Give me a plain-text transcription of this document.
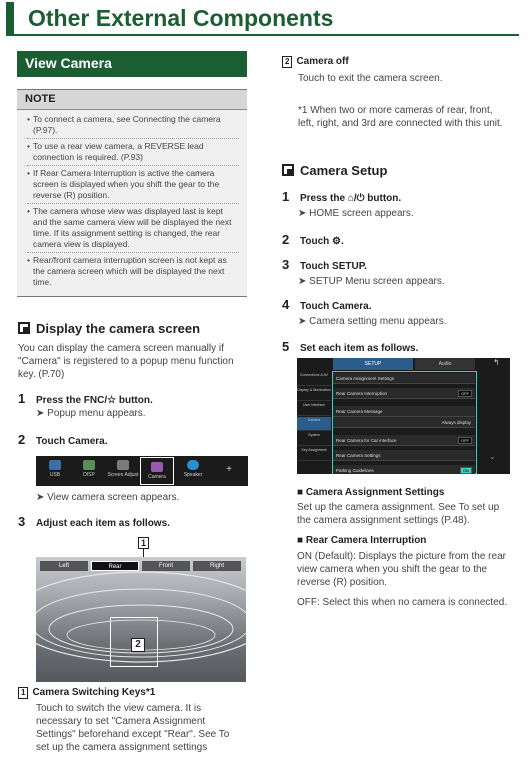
Other External Components
View Camera
NOTE
• To connect a camera, see Connecting the camera (P.97).
• To use a rear view camera, a REVERSE lead connection is required. (P.93)
• If Rear Camera Interruption is active the camera screen is displayed when you shift the gear to the reverse (R) position.
• The camera whose view was displayed last is kept and the same camera view will be displayed the next time. If its assignment setting is changed, the rear camera view is displayed.
• Rear/front camera interruption screen is not kept as the camera screen which will be displayed the next time.
Display the camera screen
You can display the camera screen manually if "Camera" is registered to a popup menu function key. (P.70)
1 Press the FNC/☆ button.
➤ Popup menu appears.
2 Touch Camera.
USB	DISP	Screen Adjust	Camera	Speaker	+
➤ View camera screen appears.
3 Adjust each item as follows.
Left	Rear	Front	Right
1
2
1 Camera Switching Keys*1
Touch to switch the view camera. It is necessary to set "Camera Assignment Settings" beforehand except "Rear". See To set up the camera assignment settings
2 Camera off
Touch to exit the camera screen.
*1 When two or more cameras of rear, front, left, right, and 3rd are connected with this unit.
Camera Setup
1 Press the ⌂/⏻ button.
➤ HOME screen appears.
2 Touch ⚙.
3 Touch SETUP.
➤ SETUP Menu screen appears.
4 Touch Camera.
➤ Camera setting menu appears.
5 Set each item as follows.
SETUP	Audio	↰
Connections & AV
Display & Illumination
User Interface
Camera
System
Key Assignment
Camera Assignment Settings
Rear Camera Interruption	OFF
Rear Camera Message
Always display
Rear Camera for Car interface	OFF
Rear Camera Settings
Parking Guidelines	ON
⌄
■ Camera Assignment Settings
Set up the camera assignment. See To set up the camera assignment settings (P.48).
■ Rear Camera Interruption
ON (Default): Displays the picture from the rear view camera when you shift the gear to the reverse (R) position.
OFF: Select this when no camera is connected.
